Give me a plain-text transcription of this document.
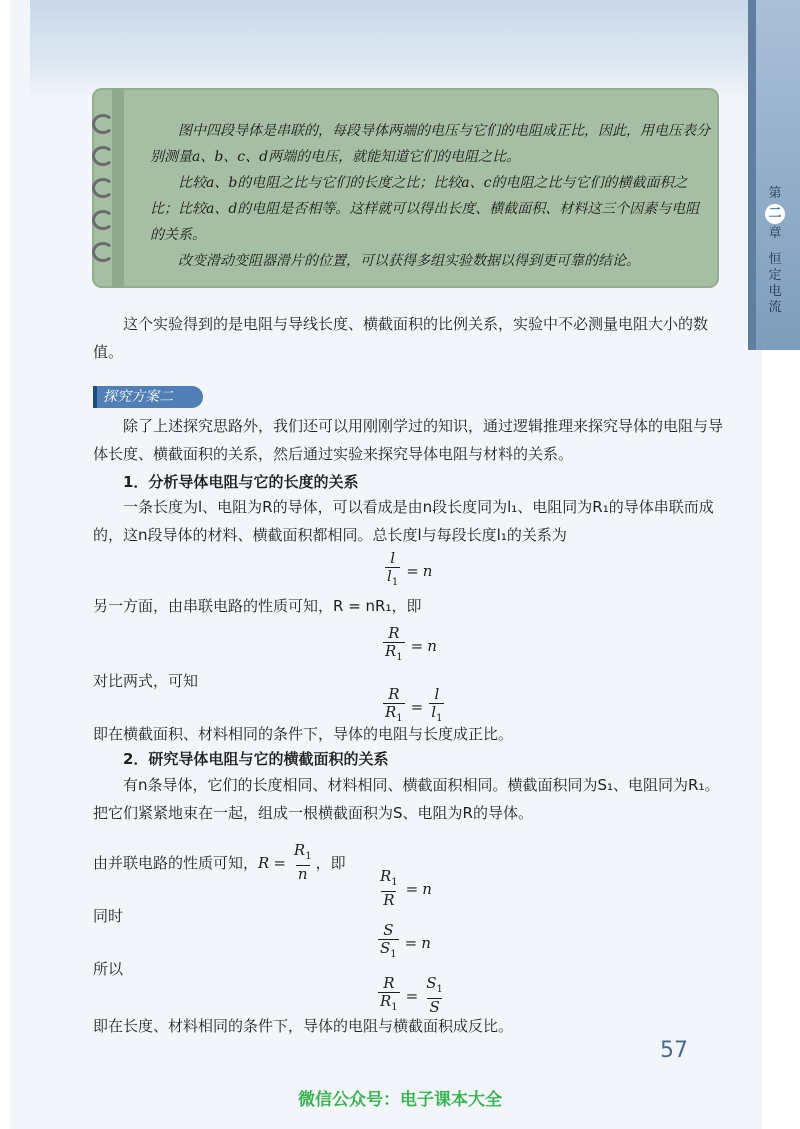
第
二
章
恒
定
电
流

图中四段导体是串联的，每段导体两端的电压与它们的电阻成正比，因此，用电压表分别测量a、b、c、d两端的电压，就能知道它们的电阻之比。

比较a、b的电阻之比与它们的长度之比；比较a、c的电阻之比与它们的横截面积之比；比较a、d的电阻是否相等。这样就可以得出长度、横截面积、材料这三个因素与电阻的关系。

改变滑动变阻器滑片的位置，可以获得多组实验数据以得到更可靠的结论。

这个实验得到的是电阻与导线长度、横截面积的比例关系，实验中不必测量电阻大小的数值。

探究方案二

除了上述探究思路外，我们还可以用刚刚学过的知识，通过逻辑推理来探究导体的电阻与导体长度、横截面积的关系，然后通过实验来探究导体电阻与材料的关系。

1．分析导体电阻与它的长度的关系

一条长度为l、电阻为R的导体，可以看成是由n段长度同为l₁、电阻同为R₁的导体串联而成的，这n段导体的材料、横截面积都相同。总长度l与每段长度l₁的关系为

$\frac{l}{l_1} = n$

另一方面，由串联电路的性质可知，R = nR₁，即

$\frac{R}{R_1} = n$

对比两式，可知

$\frac{R}{R_1} = \frac{l}{l_1}$

即在横截面积、材料相同的条件下，导体的电阻与长度成正比。

2．研究导体电阻与它的横截面积的关系

有n条导体，它们的长度相同、材料相同、横截面积相同。横截面积同为S₁、电阻同为R₁。把它们紧紧地束在一起，组成一根横截面积为S、电阻为R的导体。

由并联电路的性质可知， $R = \frac{R_1}{n}$ ，即
$\frac{R_1}{R} = n$

同时

$\frac{S}{S_1} = n$

所以

$\frac{R}{R_1} = \frac{S_1}{S}$

即在长度、材料相同的条件下，导体的电阻与横截面积成反比。

57
微信公众号：电子课本大全
